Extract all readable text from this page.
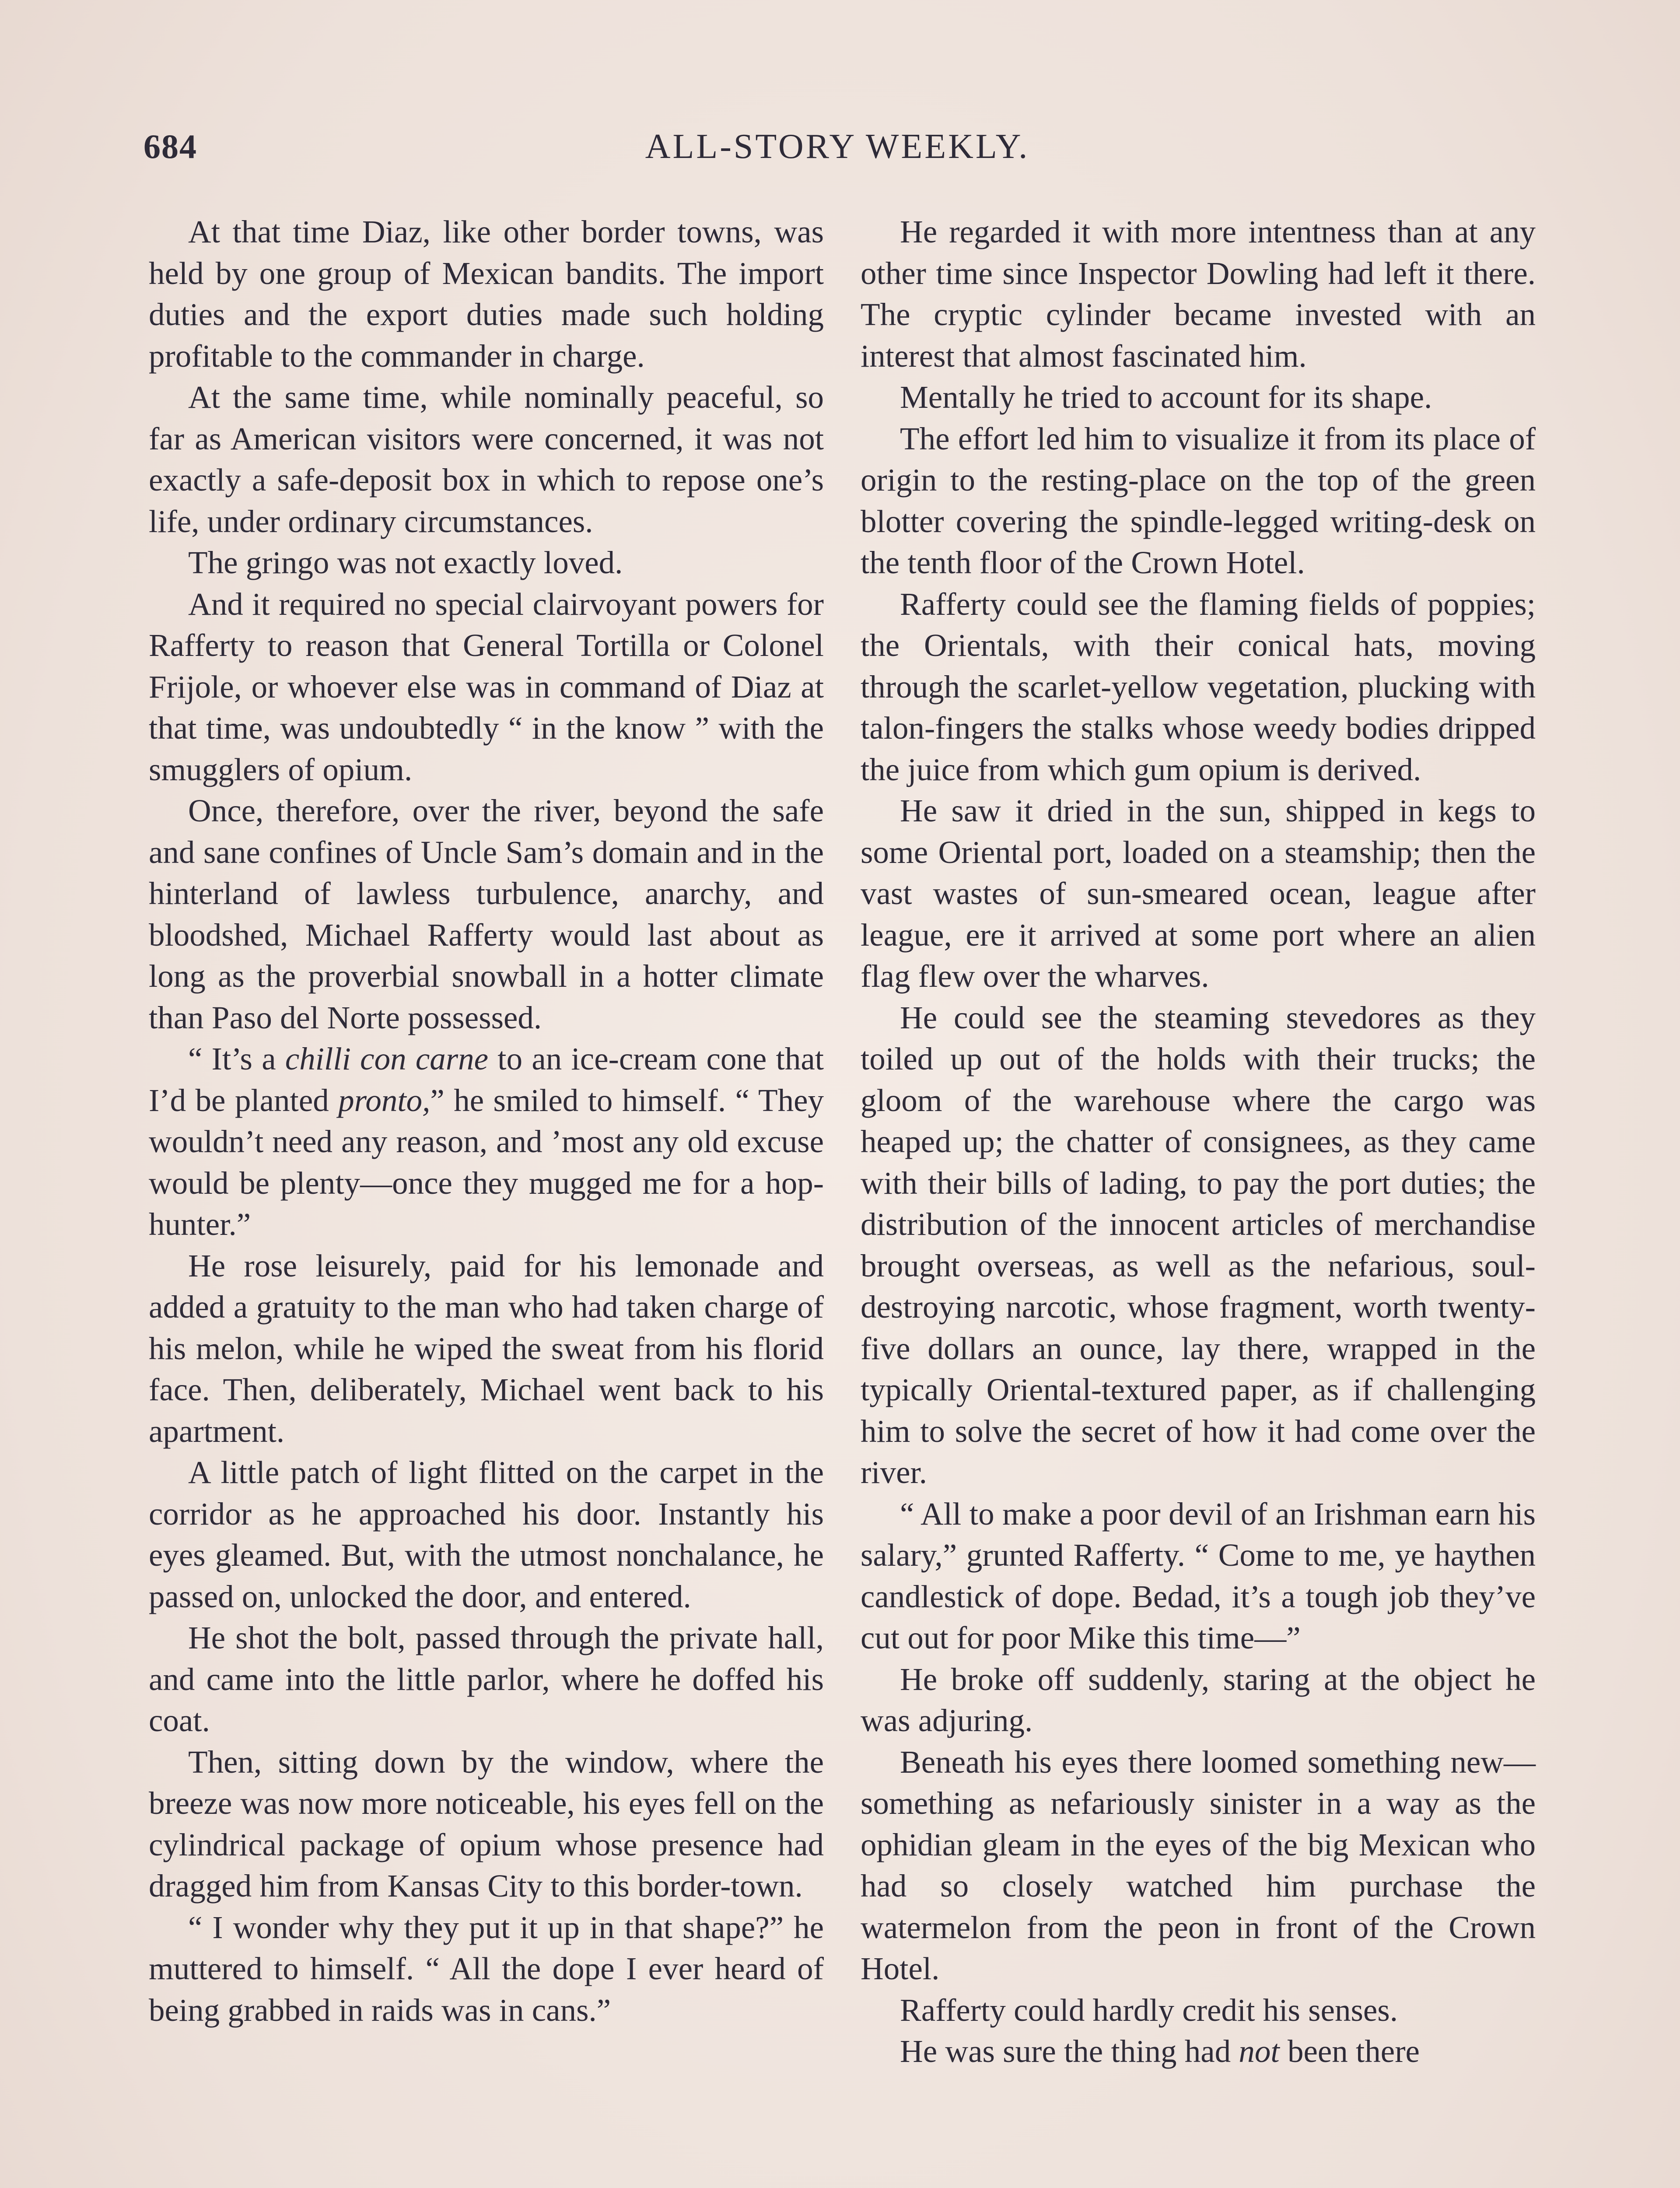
684	ALL-STORY WEEKLY.

At that time Diaz, like other border towns, was held by one group of Mexican bandits. The import duties and the export duties made such holding profitable to the commander in charge.

At the same time, while nominally peaceful, so far as American visitors were concerned, it was not exactly a safe-deposit box in which to repose one’s life, under ordinary circumstances.

The gringo was not exactly loved.

And it required no special clairvoyant powers for Rafferty to reason that General Tortilla or Colonel Frijole, or whoever else was in command of Diaz at that time, was undoubtedly “ in the know ” with the smugglers of opium.

Once, therefore, over the river, beyond the safe and sane confines of Uncle Sam’s domain and in the hinterland of lawless turbulence, anarchy, and bloodshed, Michael Rafferty would last about as long as the proverbial snowball in a hotter climate than Paso del Norte possessed.

“ It’s a chilli con carne to an ice-cream cone that I’d be planted pronto,” he smiled to himself. “ They wouldn’t need any reason, and ’most any old excuse would be plenty—once they mugged me for a hop-hunter.”

He rose leisurely, paid for his lemonade and added a gratuity to the man who had taken charge of his melon, while he wiped the sweat from his florid face. Then, deliberately, Michael went back to his apartment.

A little patch of light flitted on the carpet in the corridor as he approached his door. Instantly his eyes gleamed. But, with the utmost nonchalance, he passed on, unlocked the door, and entered.

He shot the bolt, passed through the private hall, and came into the little parlor, where he doffed his coat.

Then, sitting down by the window, where the breeze was now more noticeable, his eyes fell on the cylindrical package of opium whose presence had dragged him from Kansas City to this border-town.

“ I wonder why they put it up in that shape?” he muttered to himself. “ All the dope I ever heard of being grabbed in raids was in cans.”

He regarded it with more intentness than at any other time since Inspector Dowling had left it there. The cryptic cylinder became invested with an interest that almost fascinated him.

Mentally he tried to account for its shape.

The effort led him to visualize it from its place of origin to the resting-place on the top of the green blotter covering the spindle-legged writing-desk on the tenth floor of the Crown Hotel.

Rafferty could see the flaming fields of poppies; the Orientals, with their conical hats, moving through the scarlet-yellow vegetation, plucking with talon-fingers the stalks whose weedy bodies dripped the juice from which gum opium is derived.

He saw it dried in the sun, shipped in kegs to some Oriental port, loaded on a steamship; then the vast wastes of sun-smeared ocean, league after league, ere it arrived at some port where an alien flag flew over the wharves.

He could see the steaming stevedores as they toiled up out of the holds with their trucks; the gloom of the warehouse where the cargo was heaped up; the chatter of consignees, as they came with their bills of lading, to pay the port duties; the distribution of the innocent articles of merchandise brought overseas, as well as the nefarious, soul-destroying narcotic, whose fragment, worth twenty-five dollars an ounce, lay there, wrapped in the typically Oriental-textured paper, as if challenging him to solve the secret of how it had come over the river.

“ All to make a poor devil of an Irishman earn his salary,” grunted Rafferty. “ Come to me, ye haythen candlestick of dope. Bedad, it’s a tough job they’ve cut out for poor Mike this time—”

He broke off suddenly, staring at the object he was adjuring.

Beneath his eyes there loomed something new—something as nefariously sinister in a way as the ophidian gleam in the eyes of the big Mexican who had so closely watched him purchase the watermelon from the peon in front of the Crown Hotel.

Rafferty could hardly credit his senses.

He was sure the thing had not been there
